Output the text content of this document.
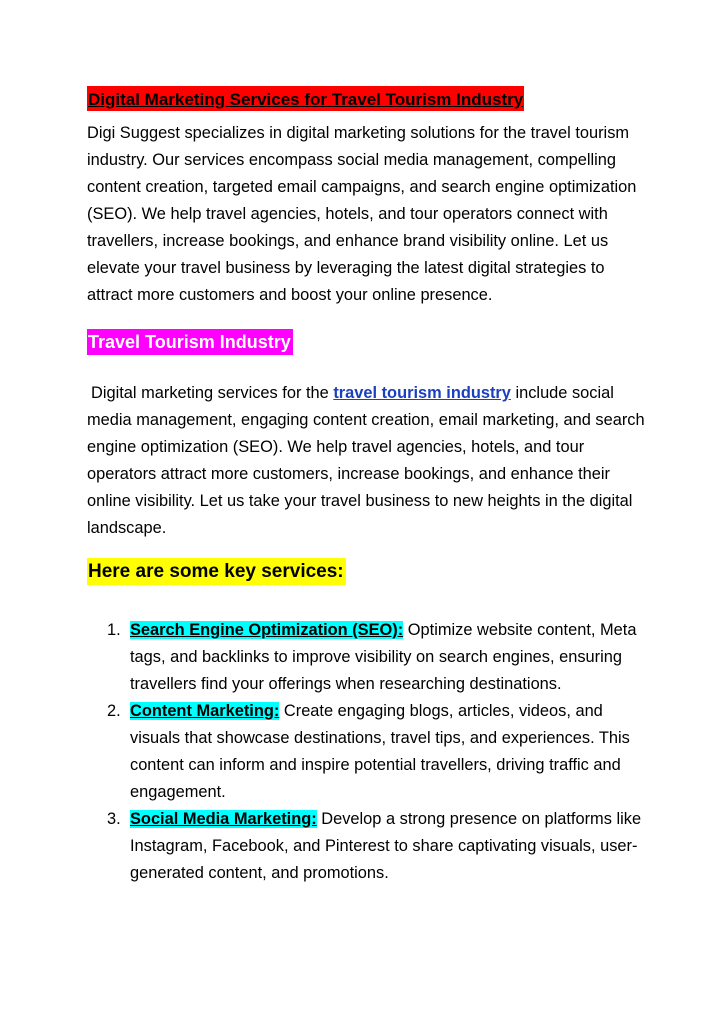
Digital Marketing Services for Travel Tourism Industry

Digi Suggest specializes in digital marketing solutions for the travel tourism industry. Our services encompass social media management, compelling content creation, targeted email campaigns, and search engine optimization (SEO). We help travel agencies, hotels, and tour operators connect with travellers, increase bookings, and enhance brand visibility online. Let us elevate your travel business by leveraging the latest digital strategies to attract more customers and boost your online presence.

Travel Tourism Industry

Digital marketing services for the travel tourism industry include social media management, engaging content creation, email marketing, and search engine optimization (SEO). We help travel agencies, hotels, and tour operators attract more customers, increase bookings, and enhance their online visibility. Let us take your travel business to new heights in the digital landscape.

Here are some key services:
1. Search Engine Optimization (SEO): Optimize website content, Meta tags, and backlinks to improve visibility on search engines, ensuring travellers find your offerings when researching destinations.
2. Content Marketing: Create engaging blogs, articles, videos, and visuals that showcase destinations, travel tips, and experiences. This content can inform and inspire potential travellers, driving traffic and engagement.
3. Social Media Marketing: Develop a strong presence on platforms like Instagram, Facebook, and Pinterest to share captivating visuals, user-generated content, and promotions.
